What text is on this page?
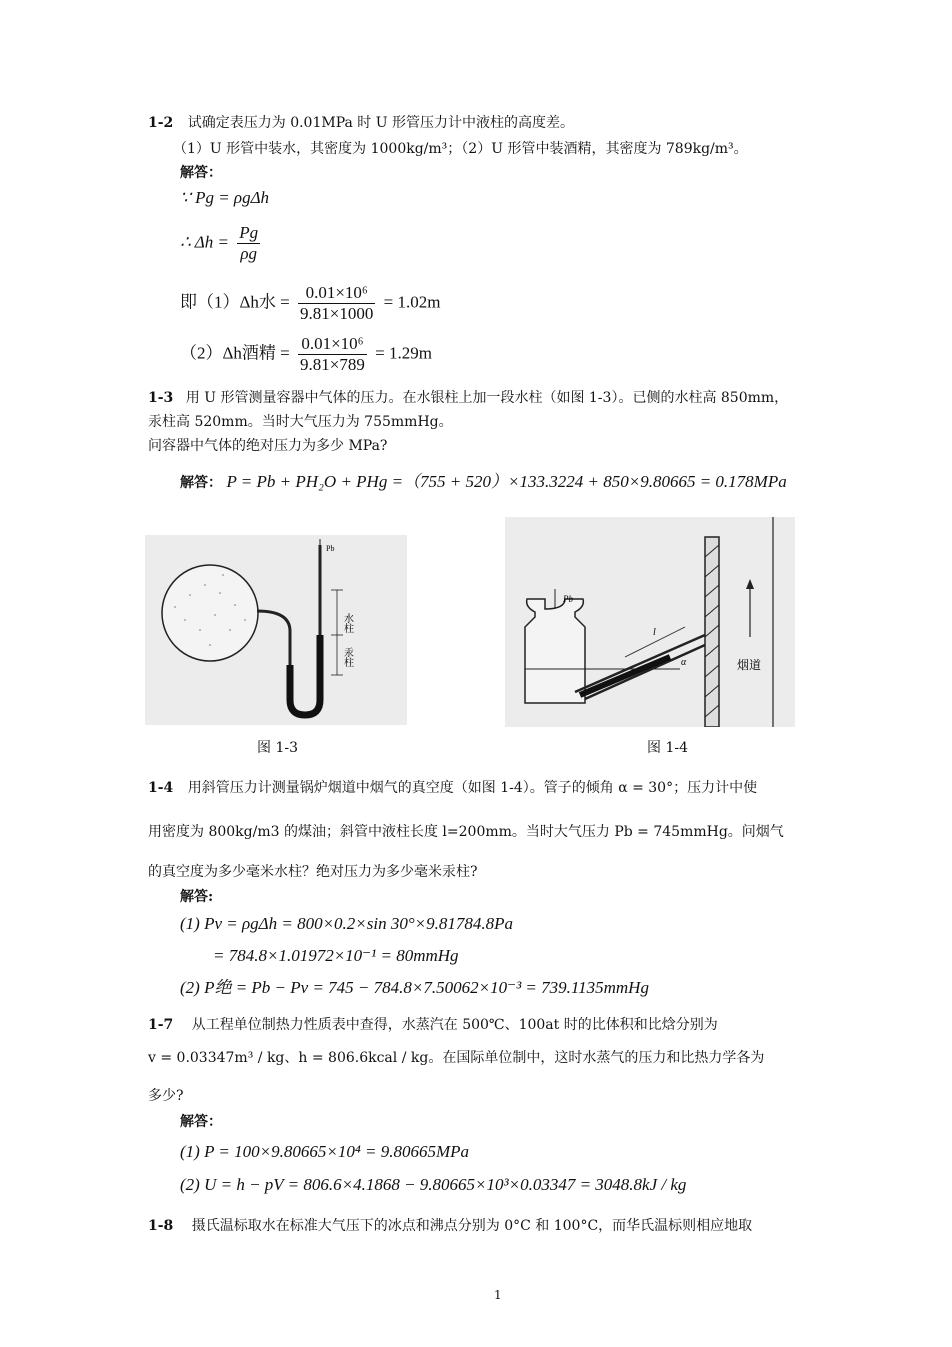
1-2 试确定表压力为 0.01MPa 时 U 形管压力计中液柱的高度差。
（1）U 形管中装水，其密度为 1000kg/m³；（2）U 形管中装酒精，其密度为 789kg/m³。
解答：
∵ Pg = ρgΔh
∴ $\Delta h = \frac{Pg}{\rho g}$
即（1）Δh水 = $\frac{\text{0.01×10⁶}}{9.81\times 1000} = 1.02m$
（2）Δh酒精 = $\frac{\text{0.01×10⁶}}{9.81\times 789} = 1.29m$
1-3 用 U 形管测量容器中气体的压力。在水银柱上加一段水柱（如图 1-3）。已侧的水柱高 850mm，
汞柱高 520mm。当时大气压力为 755mmHg。
问容器中气体的绝对压力为多少 MPa?
解答： P = Pb + PH₂O + PHg =（755 + 520）×133.3224 + 850×9.80665 = 0.178MPa
Pb
水柱
汞柱
Pb
l
α	烟道
图 1-3	图 1-4
1-4 用斜管压力计测量锅炉烟道中烟气的真空度（如图 1-4）。管子的倾角 α = 30°；压力计中使
用密度为 800kg/m3 的煤油；斜管中液柱长度 l=200mm。当时大气压力 Pb = 745mmHg。问烟气
的真空度为多少毫米水柱？绝对压力为多少毫米汞柱?
解答:
(1) Pv = ρgΔh = 800×0.2×sin 30°×9.81784.8Pa
= 784.8×1.01972×10⁻¹ = 80mmHg
(2) P绝 = Pb − Pv = 745 − 784.8×7.50062×10⁻³ = 739.1135mmHg
1-7 从工程单位制热力性质表中查得，水蒸汽在 500℃、100at 时的比体积和比焓分别为
v = 0.03347m³ / kg、h = 806.6kcal / kg。在国际单位制中，这时水蒸气的压力和比热力学各为
多少?
解答：
(1) P = 100×9.80665×10⁴ = 9.80665MPa
(2) U = h − pV = 806.6×4.1868 − 9.80665×10³×0.03347 = 3048.8kJ / kg
1-8 摄氏温标取水在标准大气压下的冰点和沸点分别为 0°C 和 100°C，而华氏温标则相应地取
1
